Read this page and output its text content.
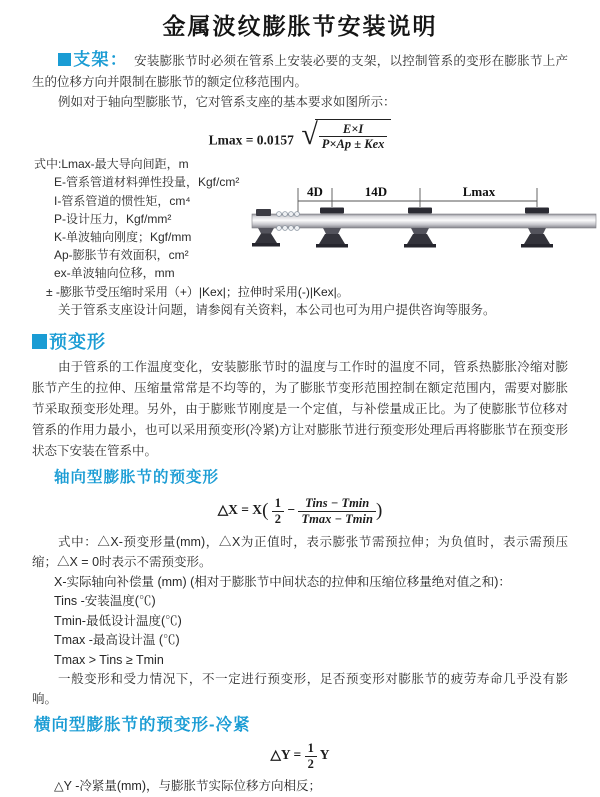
金属波纹膨胀节安装说明

支架： 安装膨胀节时必须在管系上安装必要的支架，以控制管系的变形在膨胀节上产生的位移方向并限制在膨胀节的额定位移范围内。

例如对于轴向型膨胀节，它对管系支座的基本要求如图所示：

Lmax = 0.0157 √ $\frac{E\times I}{\text{P×Ap ± Kex}}$
式中:Lmax-最大导向间距，m
E-管系管道材料弹性投量，Kgf/cm²
I-管系管道的惯性矩，cm⁴
P-设计压力，Kgf/mm²
K-单波轴向刚度；Kgf/mm
Ap-膨胀节有效面积，cm²
ex-单波轴向位移，mm
4D	14D	Lmax
± -膨胀节受压缩时采用（+）|Kex|；拉伸时采用(-)|Kex|。

关于管系支座设计问题，请参阅有关资料，本公司也可为用户提供咨询等服务。

预变形

由于管系的工作温度变化，安装膨胀节时的温度与工作时的温度不同，管系热膨胀冷缩对膨胀节产生的拉伸、压缩量常常是不均等的，为了膨胀节变形范围控制在额定范围内，需要对膨胀节采取预变形处理。另外，由于膨账节刚度是一个定值，与补偿量成正比。为了使膨胀节位移对管系的作用力最小，也可以采用预变形(冷紧)方让对膨胀节进行预变形处理后再将膨胀节在预变形状态下安装在管系中。

轴向型膨胀节的预变形
△X = $X( \frac{1}{2} - \frac{\text{Tins − Tmin}}{Tmax - Tmin}$ )

式中：△X-预变形量(mm)，△X为正值时，表示膨张节需预拉伸；为负值时，表示需预压缩；△X = 0时表示不需预变形。

X-实际轴向补偿量 (mm) (相对于膨胀节中间状态的拉伸和压缩位移量绝对值之和)：
Tins -安装温度(℃)
Tmin-最低设计温度(℃)
Tmax -最高设计温 (℃)
Tmax > Tins ≥ Tmin

一般变形和受力情况下，不一定进行预变形，足否预变形对膨胀节的疲劳寿命几乎没有影响。

横向型膨胀节的预变形-冷紧
△Y = $\frac{1}{2}$ Y
△Y -冷紧量(mm)，与膨胀节实际位移方向相反；
